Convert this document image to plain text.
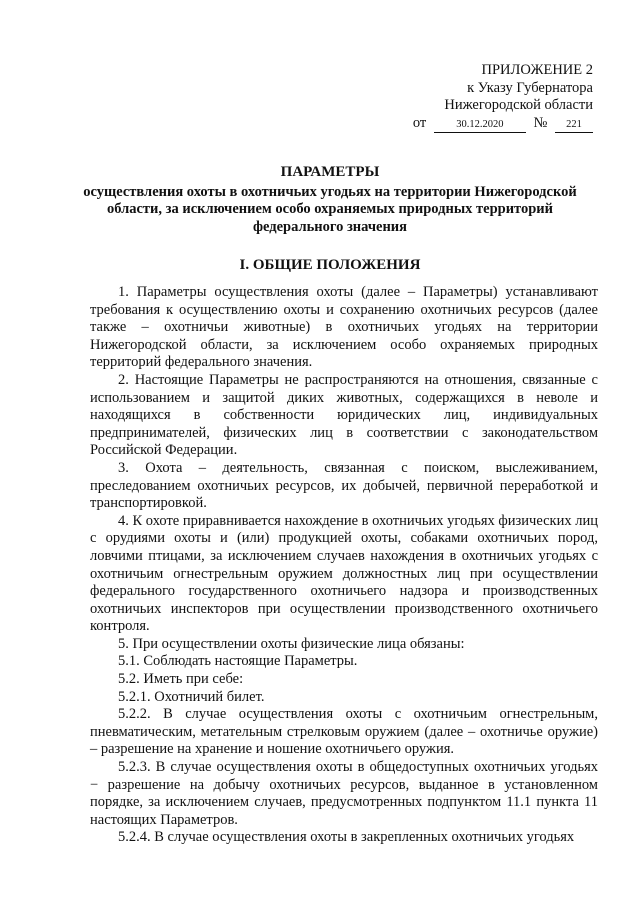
ПРИЛОЖЕНИЕ 2
к Указу Губернатора
Нижегородской области
от	30.12.2020 № 221
ПАРАМЕТРЫ
осуществления охоты в охотничьих угодьях на территории Нижегородской области, за исключением особо охраняемых природных территорий федерального значения
I. ОБЩИЕ ПОЛОЖЕНИЯ

1. Параметры осуществления охоты (далее – Параметры) устанавливают требования к осуществлению охоты и сохранению охотничьих ресурсов (далее также – охотничьи животные) в охотничьих угодьях на территории Нижегородской области, за исключением особо охраняемых природных территорий федерального значения.

2. Настоящие Параметры не распространяются на отношения, связанные с использованием и защитой диких животных, содержащихся в неволе и находящихся в собственности юридических лиц, индивидуальных предпринимателей, физических лиц в соответствии с законодательством Российской Федерации.

3. Охота – деятельность, связанная с поиском, выслеживанием, преследованием охотничьих ресурсов, их добычей, первичной переработкой и транспортировкой.

4. К охоте приравнивается нахождение в охотничьих угодьях физических лиц с орудиями охоты и (или) продукцией охоты, собаками охотничьих пород, ловчими птицами, за исключением случаев нахождения в охотничьих угодьях с охотничьим огнестрельным оружием должностных лиц при осуществлении федерального государственного охотничьего надзора и производственных охотничьих инспекторов при осуществлении производственного охотничьего контроля.

5. При осуществлении охоты физические лица обязаны:

5.1. Соблюдать настоящие Параметры.

5.2. Иметь при себе:

5.2.1. Охотничий билет.

5.2.2. В случае осуществления охоты с охотничьим огнестрельным, пневматическим, метательным стрелковым оружием (далее – охотничье оружие) – разрешение на хранение и ношение охотничьего оружия.

5.2.3. В случае осуществления охоты в общедоступных охотничьих угодьях − разрешение на добычу охотничьих ресурсов, выданное в установленном порядке, за исключением случаев, предусмотренных подпунктом 11.1 пункта 11 настоящих Параметров.

5.2.4. В случае осуществления охоты в закрепленных охотничьих угодьях
